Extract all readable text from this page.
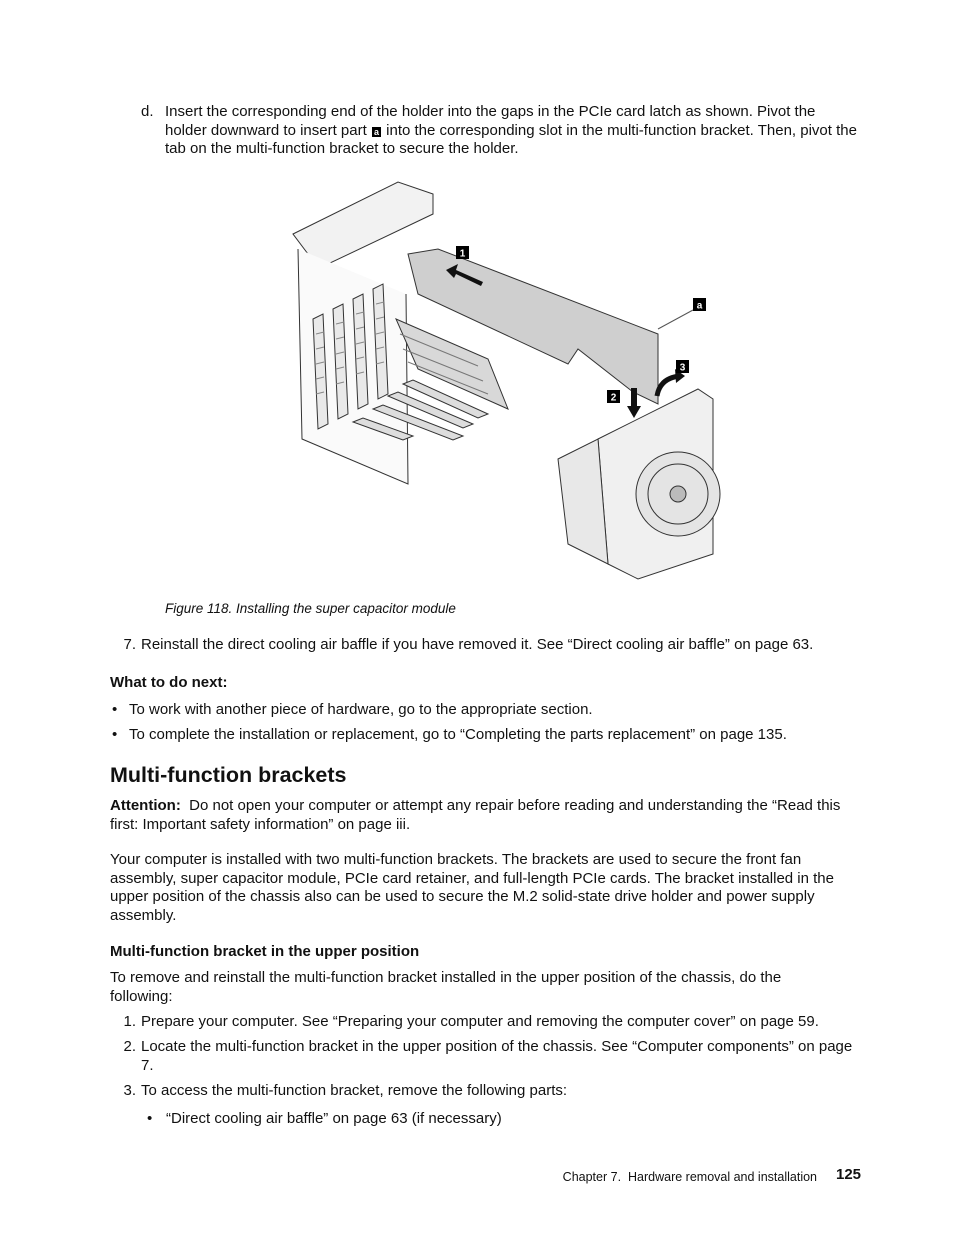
d. Insert the corresponding end of the holder into the gaps in the PCIe card latch as shown. Pivot the holder downward to insert part a into the corresponding slot in the multi-function bracket. Then, pivot the tab on the multi-function bracket to secure the holder.
1
2
3
a
Figure 118. Installing the super capacitor module
7. Reinstall the direct cooling air baffle if you have removed it. See “Direct cooling air baffle” on page 63.
What to do next:
• To work with another piece of hardware, go to the appropriate section.
• To complete the installation or replacement, go to “Completing the parts replacement” on page 135.
Multi-function brackets
Attention: Do not open your computer or attempt any repair before reading and understanding the “Read this first: Important safety information” on page iii.
Your computer is installed with two multi-function brackets. The brackets are used to secure the front fan assembly, super capacitor module, PCIe card retainer, and full-length PCIe cards. The bracket installed in the upper position of the chassis also can be used to secure the M.2 solid-state drive holder and power supply assembly.
Multi-function bracket in the upper position
To remove and reinstall the multi-function bracket installed in the upper position of the chassis, do the following:
1. Prepare your computer. See “Preparing your computer and removing the computer cover” on page 59.
2. Locate the multi-function bracket in the upper position of the chassis. See “Computer components” on page 7.
3. To access the multi-function bracket, remove the following parts:
• “Direct cooling air baffle” on page 63 (if necessary)
Chapter 7. Hardware removal and installation 125
